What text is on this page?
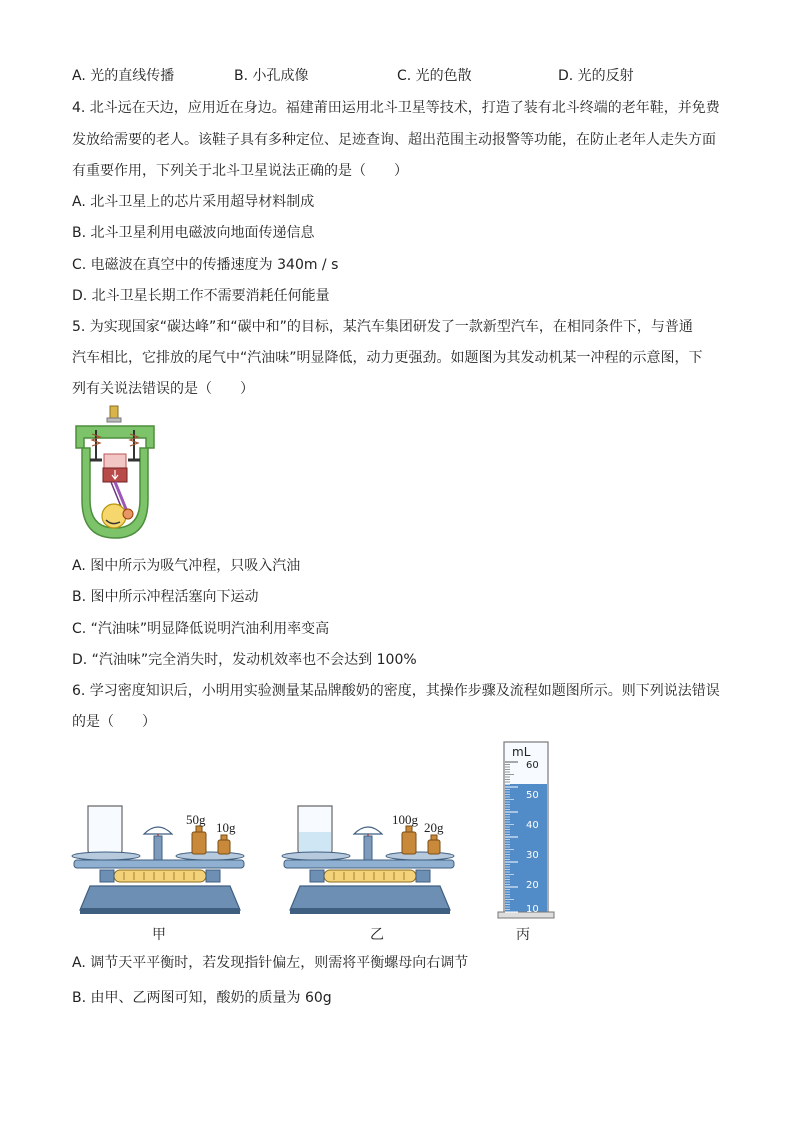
A. 光的直线传播	B. 小孔成像	C. 光的色散	D. 光的反射
4. 北斗远在天边，应用近在身边。福建莆田运用北斗卫星等技术，打造了装有北斗终端的老年鞋，并免费
发放给需要的老人。该鞋子具有多种定位、足迹查询、超出范围主动报警等功能，在防止老年人走失方面
有重要作用，下列关于北斗卫星说法正确的是（　　）
A. 北斗卫星上的芯片采用超导材料制成
B. 北斗卫星利用电磁波向地面传递信息
C. 电磁波在真空中的传播速度为 340m / s
D. 北斗卫星长期工作不需要消耗任何能量
5. 为实现国家“碳达峰”和“碳中和”的目标，某汽车集团研发了一款新型汽车，在相同条件下，与普通
汽车相比，它排放的尾气中“汽油味”明显降低，动力更强劲。如题图为其发动机某一冲程的示意图，下
列有关说法错误的是（　　）
A. 图中所示为吸气冲程，只吸入汽油
B. 图中所示冲程活塞向下运动
C. “汽油味”明显降低说明汽油利用率变高
D. “汽油味”完全消失时，发动机效率也不会达到 100%
6. 学习密度知识后，小明用实验测量某品牌酸奶的密度，其操作步骤及流程如题图所示。则下列说法错误
的是（　　）
50g
10g
甲
100g
20g
乙
mL
60
50
40
30
20
10
丙
A. 调节天平平衡时，若发现指针偏左，则需将平衡螺母向右调节
B. 由甲、乙两图可知，酸奶的质量为 60g
